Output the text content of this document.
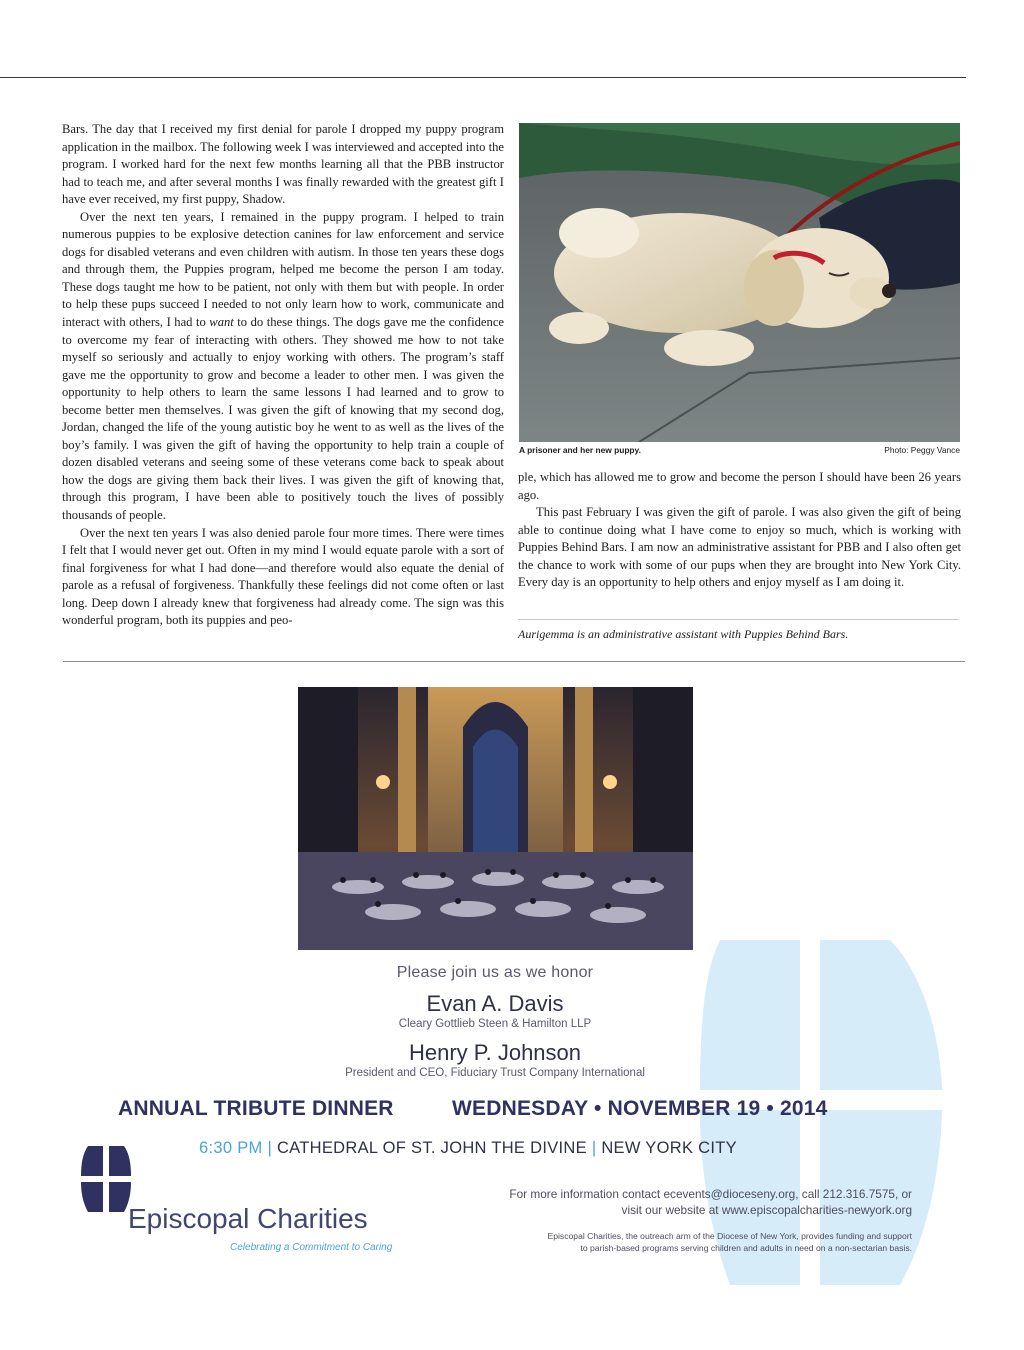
Bars. The day that I received my first denial for parole I dropped my puppy program application in the mailbox. The following week I was interviewed and accepted into the program. I worked hard for the next few months learning all that the PBB instructor had to teach me, and after several months I was finally rewarded with the greatest gift I have ever received, my first puppy, Shadow.

Over the next ten years, I remained in the puppy program. I helped to train numerous puppies to be explosive detection canines for law enforcement and service dogs for disabled veterans and even children with autism. In those ten years these dogs and through them, the Puppies program, helped me become the person I am today. These dogs taught me how to be patient, not only with them but with people. In order to help these pups succeed I needed to not only learn how to work, communicate and interact with others, I had to want to do these things. The dogs gave me the confidence to overcome my fear of interacting with others. They showed me how to not take myself so seriously and actually to enjoy working with others. The program’s staff gave me the opportunity to grow and become a leader to other men. I was given the opportunity to help others to learn the same lessons I had learned and to grow to become better men themselves. I was given the gift of knowing that my second dog, Jordan, changed the life of the young autistic boy he went to as well as the lives of the boy’s family. I was given the gift of having the opportunity to help train a couple of dozen disabled veterans and seeing some of these veterans come back to speak about how the dogs are giving them back their lives. I was given the gift of knowing that, through this program, I have been able to positively touch the lives of possibly thousands of people.

Over the next ten years I was also denied parole four more times. There were times I felt that I would never get out. Often in my mind I would equate parole with a sort of final forgiveness for what I had done—and therefore would also equate the denial of parole as a refusal of forgiveness. Thankfully these feelings did not come often or last long. Deep down I already knew that forgiveness had already come. The sign was this wonderful program, both its puppies and peo-

A prisoner and her new puppy.	Photo: Peggy Vance

ple, which has allowed me to grow and become the person I should have been 26 years ago.

This past February I was given the gift of parole. I was also given the gift of being able to continue doing what I have come to enjoy so much, which is working with Puppies Behind Bars. I am now an administrative assistant for PBB and I also often get the chance to work with some of our pups when they are brought into New York City. Every day is an opportunity to help others and enjoy myself as I am doing it.

Aurigemma is an administrative assistant with Puppies Behind Bars.
Please join us as we honor
Evan A. Davis
Cleary Gottlieb Steen & Hamilton LLP
Henry P. Johnson
President and CEO, Fiduciary Trust Company International
ANNUAL TRIBUTE DINNER	WEDNESDAY • NOVEMBER 19 • 2014
6:30 PM | CATHEDRAL OF ST. JOHN THE DIVINE | NEW YORK CITY
Episcopal Charities
Celebrating a Commitment to Caring
For more information contact ecevents@dioceseny.org, call 212.316.7575, or
visit our website at www.episcopalcharities-newyork.org
Episcopal Charities, the outreach arm of the Diocese of New York, provides funding and support
to parish-based programs serving children and adults in need on a non-sectarian basis.
